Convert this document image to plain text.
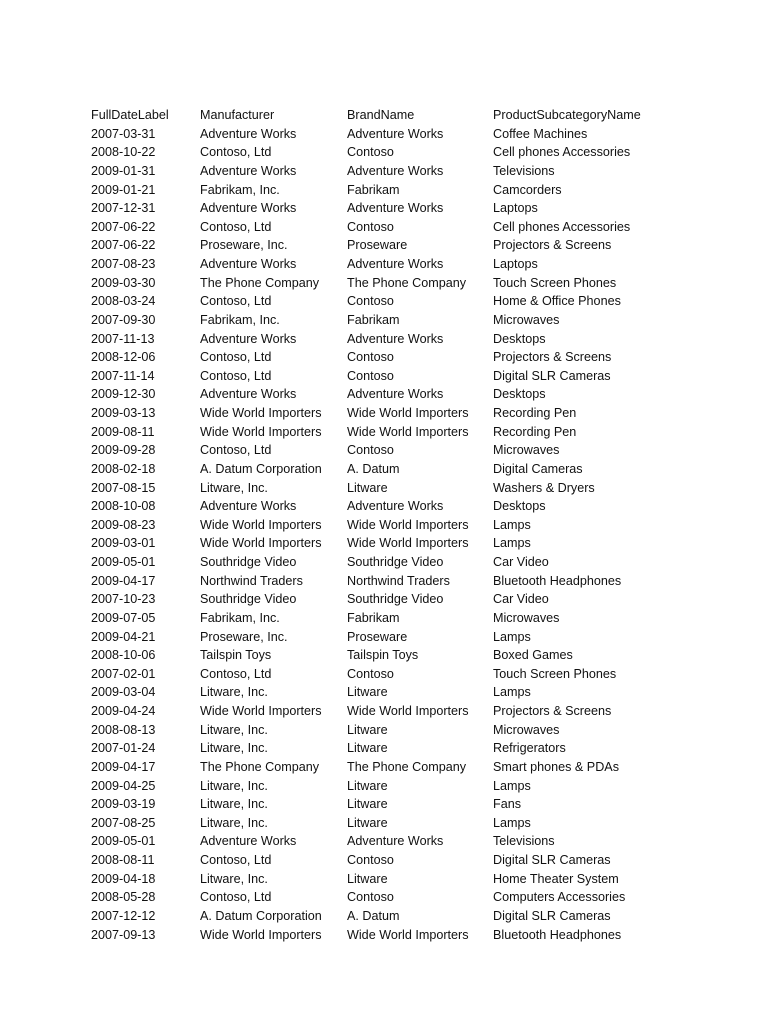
FullDateLabel	Manufacturer	BrandName	ProductSubcategoryName
2007-03-31	Adventure Works	Adventure Works	Coffee Machines
2008-10-22	Contoso, Ltd	Contoso	Cell phones Accessories
2009-01-31	Adventure Works	Adventure Works	Televisions
2009-01-21	Fabrikam, Inc.	Fabrikam	Camcorders
2007-12-31	Adventure Works	Adventure Works	Laptops
2007-06-22	Contoso, Ltd	Contoso	Cell phones Accessories
2007-06-22	Proseware, Inc.	Proseware	Projectors & Screens
2007-08-23	Adventure Works	Adventure Works	Laptops
2009-03-30	The Phone Company	The Phone Company	Touch Screen Phones
2008-03-24	Contoso, Ltd	Contoso	Home & Office Phones
2007-09-30	Fabrikam, Inc.	Fabrikam	Microwaves
2007-11-13	Adventure Works	Adventure Works	Desktops
2008-12-06	Contoso, Ltd	Contoso	Projectors & Screens
2007-11-14	Contoso, Ltd	Contoso	Digital SLR Cameras
2009-12-30	Adventure Works	Adventure Works	Desktops
2009-03-13	Wide World Importers	Wide World Importers	Recording Pen
2009-08-11	Wide World Importers	Wide World Importers	Recording Pen
2009-09-28	Contoso, Ltd	Contoso	Microwaves
2008-02-18	A. Datum Corporation	A. Datum	Digital Cameras
2007-08-15	Litware, Inc.	Litware	Washers & Dryers
2008-10-08	Adventure Works	Adventure Works	Desktops
2009-08-23	Wide World Importers	Wide World Importers	Lamps
2009-03-01	Wide World Importers	Wide World Importers	Lamps
2009-05-01	Southridge Video	Southridge Video	Car Video
2009-04-17	Northwind Traders	Northwind Traders	Bluetooth Headphones
2007-10-23	Southridge Video	Southridge Video	Car Video
2009-07-05	Fabrikam, Inc.	Fabrikam	Microwaves
2009-04-21	Proseware, Inc.	Proseware	Lamps
2008-10-06	Tailspin Toys	Tailspin Toys	Boxed Games
2007-02-01	Contoso, Ltd	Contoso	Touch Screen Phones
2009-03-04	Litware, Inc.	Litware	Lamps
2009-04-24	Wide World Importers	Wide World Importers	Projectors & Screens
2008-08-13	Litware, Inc.	Litware	Microwaves
2007-01-24	Litware, Inc.	Litware	Refrigerators
2009-04-17	The Phone Company	The Phone Company	Smart phones & PDAs
2009-04-25	Litware, Inc.	Litware	Lamps
2009-03-19	Litware, Inc.	Litware	Fans
2007-08-25	Litware, Inc.	Litware	Lamps
2009-05-01	Adventure Works	Adventure Works	Televisions
2008-08-11	Contoso, Ltd	Contoso	Digital SLR Cameras
2009-04-18	Litware, Inc.	Litware	Home Theater System
2008-05-28	Contoso, Ltd	Contoso	Computers Accessories
2007-12-12	A. Datum Corporation	A. Datum	Digital SLR Cameras
2007-09-13	Wide World Importers	Wide World Importers	Bluetooth Headphones
